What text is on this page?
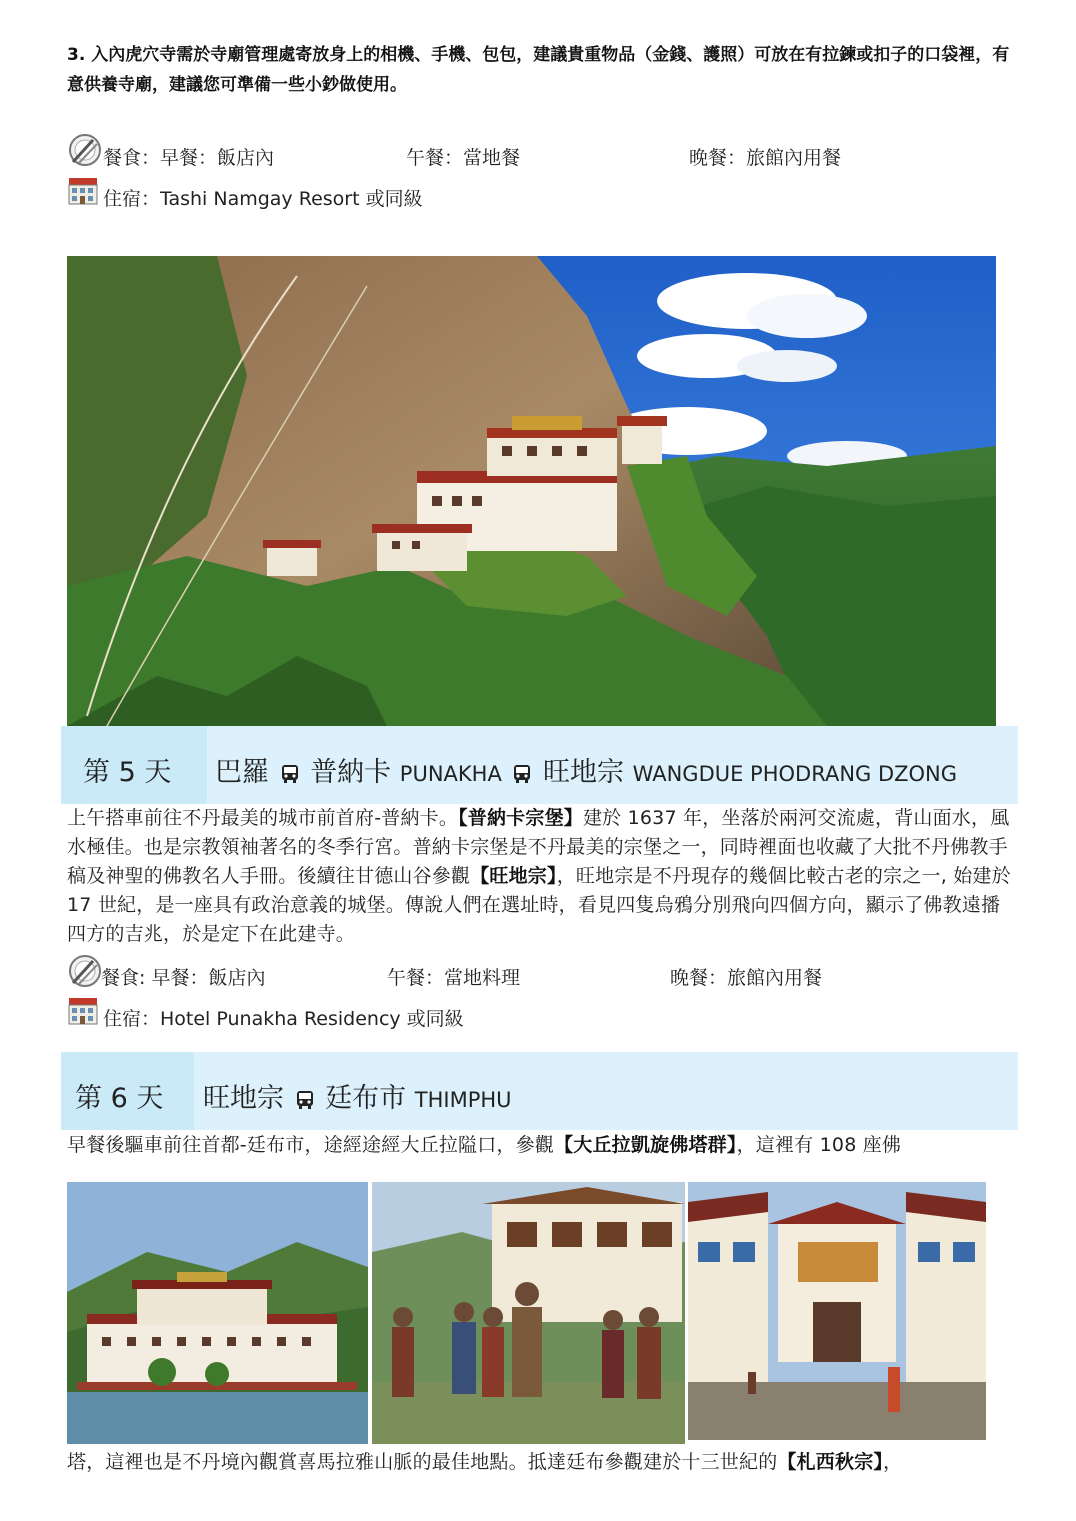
3. 入內虎穴寺需於寺廟管理處寄放身上的相機、手機、包包，建議貴重物品（金錢、護照）可放在有拉鍊或扣子的口袋裡，有意供養寺廟，建議您可準備一些小鈔做使用。
餐食：早餐：飯店內	午餐：當地餐	晚餐：旅館內用餐
住宿：Tashi Namgay Resort 或同級
第 5 天 巴羅 普納卡 PUNAKHA 旺地宗 WANGDUE PHODRANG DZONG
上午搭車前往不丹最美的城市前首府-普納卡。【普納卡宗堡】建於 1637 年，坐落於兩河交流處，背山面水，風水極佳。也是宗教領袖著名的冬季行宮。普納卡宗堡是不丹最美的宗堡之一，同時裡面也收藏了大批不丹佛教手稿及神聖的佛教名人手冊。後續往甘德山谷參觀【旺地宗】，旺地宗是不丹現存的幾個比較古老的宗之一, 始建於 17 世紀，是一座具有政治意義的城堡。傳說人們在選址時，看見四隻烏鴉分別飛向四個方向，顯示了佛教遠播四方的吉兆，於是定下在此建寺。
餐食: 早餐：飯店內	午餐：當地料理	晚餐：旅館內用餐
住宿：Hotel Punakha Residency 或同級
第 6 天 旺地宗 廷布市 THIMPHU
早餐後驅車前往首都-廷布市，途經途經大丘拉隘口，參觀【大丘拉凱旋佛塔群】，這裡有 108 座佛
塔，這裡也是不丹境內觀賞喜馬拉雅山脈的最佳地點。抵達廷布參觀建於十三世紀的【札西秋宗】，
